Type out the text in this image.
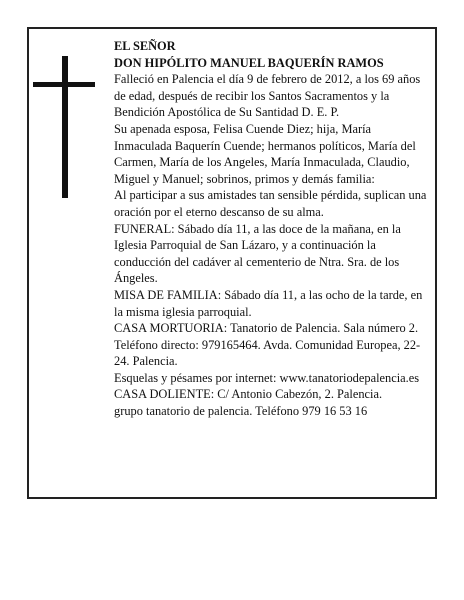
EL SEÑOR

DON HIPÓLITO MANUEL BAQUERÍN RAMOS

Falleció en Palencia el día 9 de febrero de 2012, a los 69 años de edad, después de recibir los Santos Sacramentos y la Bendición Apostólica de Su Santidad D. E. P.

Su apenada esposa, Felisa Cuende Diez; hija, María Inmaculada Baquerín Cuende; hermanos políticos, María del Carmen, María de los Angeles, María Inmaculada, Claudio, Miguel y Manuel; sobrinos, primos y demás familia:

Al participar a sus amistades tan sensible pérdida, suplican una oración por el eterno descanso de su alma.

FUNERAL: Sábado día 11, a las doce de la mañana, en la Iglesia Parroquial de San Lázaro, y a continuación la conducción del cadáver al cementerio de Ntra. Sra. de los Ángeles.

MISA DE FAMILIA: Sábado día 11, a las ocho de la tarde, en la misma iglesia parroquial.

CASA MORTUORIA: Tanatorio de Palencia. Sala número 2. Teléfono directo: 979165464. Avda. Comunidad Europea, 22-24. Palencia.

Esquelas y pésames por internet: www.tanatoriodepalencia.es

CASA DOLIENTE: C/ Antonio Cabezón, 2. Palencia.

grupo tanatorio de palencia. Teléfono 979 16 53 16
